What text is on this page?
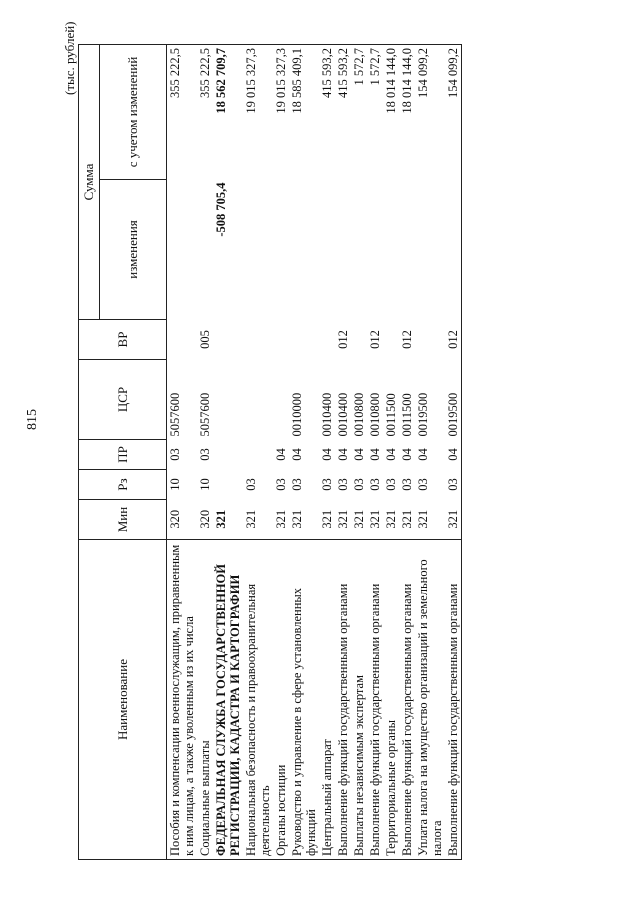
815
(тыс. рублей)
Наименование	Мин	Рз	ПР	ЦСР	ВР	Сумма	
						изменения	с учетом изменений
Пособия и компенсации военнослужащим, приравненным к ним лицам, а также уволенным из их числа	320	10	03	5057600			355 222,5
Социальные выплаты	320	10	03	5057600	005		355 222,5
ФЕДЕРАЛЬНАЯ СЛУЖБА ГОСУДАРСТВЕННОЙ РЕГИСТРАЦИИ, КАДАСТРА И КАРТОГРАФИИ	321					-508 705,4	18 562 709,7
Национальная безопасность и правоохранительная деятельность	321	03					19 015 327,3
Органы юстиции	321	03	04				19 015 327,3
Руководство и управление в сфере установленных функций	321	03	04	0010000			18 585 409,1
Центральный аппарат	321	03	04	0010400			415 593,2
Выполнение функций государственными органами	321	03	04	0010400	012		415 593,2
Выплаты независимым экспертам	321	03	04	0010800			1 572,7
Выполнение функций государственными органами	321	03	04	0010800	012		1 572,7
Территориальные органы	321	03	04	0011500			18 014 144,0
Выполнение функций государственными органами	321	03	04	0011500	012		18 014 144,0
Уплата налога на имущество организаций и земельного налога	321	03	04	0019500			154 099,2
Выполнение функций государственными органами	321	03	04	0019500	012		154 099,2
